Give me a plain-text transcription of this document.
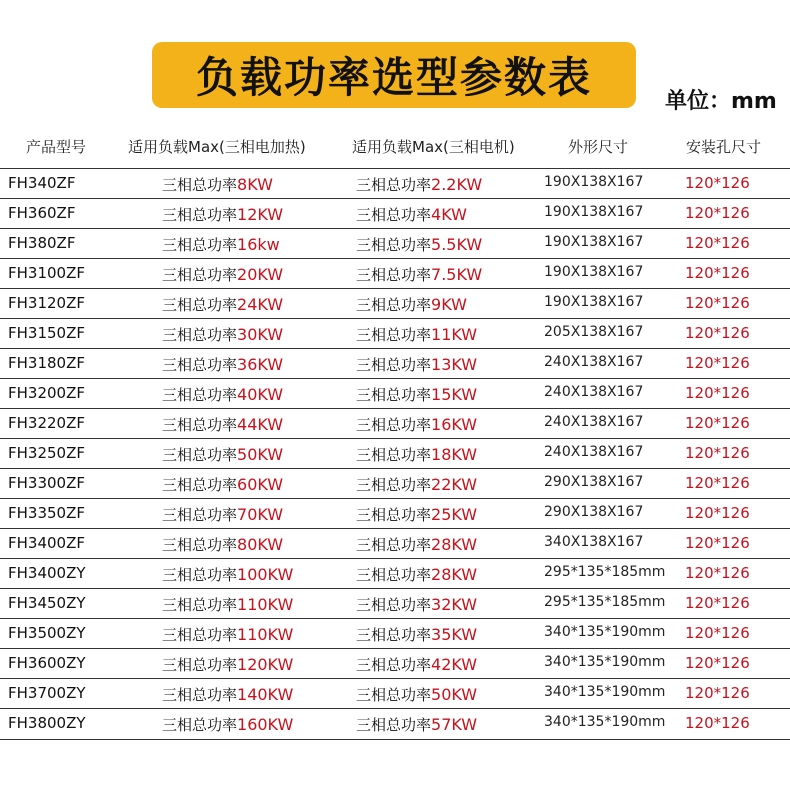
负载功率选型参数表	单位：mm
产品型号	适用负载Max(三相电加热)	适用负载Max(三相电机)	外形尺寸	安装孔尺寸
FH340ZF	三相总功率8KW	三相总功率2.2KW	190X138X167	120*126
FH360ZF	三相总功率12KW	三相总功率4KW	190X138X167	120*126
FH380ZF	三相总功率16kw	三相总功率5.5KW	190X138X167	120*126
FH3100ZF	三相总功率20KW	三相总功率7.5KW	190X138X167	120*126
FH3120ZF	三相总功率24KW	三相总功率9KW	190X138X167	120*126
FH3150ZF	三相总功率30KW	三相总功率11KW	205X138X167	120*126
FH3180ZF	三相总功率36KW	三相总功率13KW	240X138X167	120*126
FH3200ZF	三相总功率40KW	三相总功率15KW	240X138X167	120*126
FH3220ZF	三相总功率44KW	三相总功率16KW	240X138X167	120*126
FH3250ZF	三相总功率50KW	三相总功率18KW	240X138X167	120*126
FH3300ZF	三相总功率60KW	三相总功率22KW	290X138X167	120*126
FH3350ZF	三相总功率70KW	三相总功率25KW	290X138X167	120*126
FH3400ZF	三相总功率80KW	三相总功率28KW	340X138X167	120*126
FH3400ZY	三相总功率100KW	三相总功率28KW	295*135*185mm 120*126
FH3450ZY	三相总功率110KW	三相总功率32KW	295*135*185mm 120*126
FH3500ZY	三相总功率110KW	三相总功率35KW	340*135*190mm 120*126
FH3600ZY	三相总功率120KW	三相总功率42KW	340*135*190mm 120*126
FH3700ZY	三相总功率140KW	三相总功率50KW	340*135*190mm 120*126
FH3800ZY	三相总功率160KW	三相总功率57KW	340*135*190mm 120*126
